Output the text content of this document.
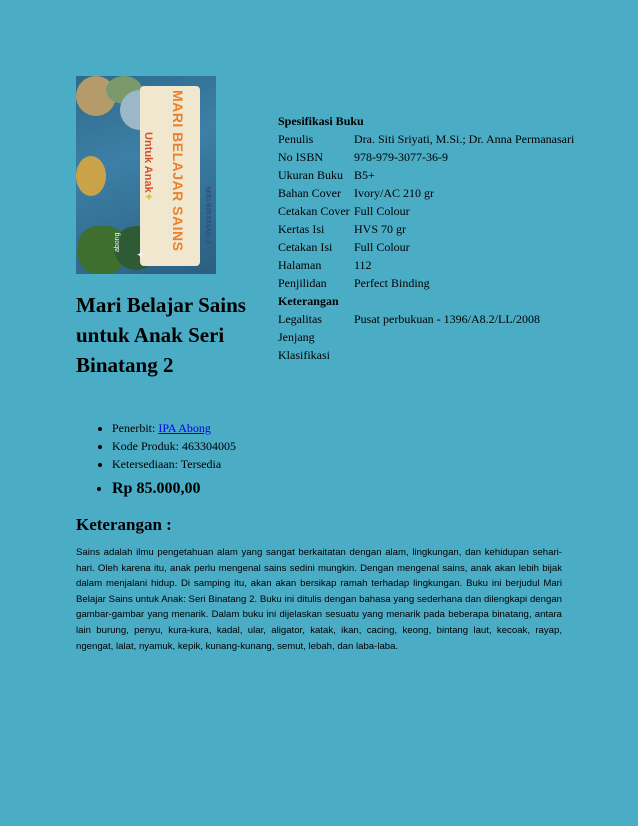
MARI BELAJAR SAINS
Untuk Anak
SERI BINATANG 2
abong
✦
✦
Mari Belajar Sains untuk Anak Seri Binatang 2
• Penerbit: IPA Abong
• Kode Produk: 463304005
• Ketersediaan: Tersedia
• Rp 85.000,00
Keterangan :

Sains adalah ilmu pengetahuan alam yang sangat berkaitatan dengan alam, lingkungan, dan kehidupan sehari-hari. Oleh karena itu, anak perlu mengenal sains sedini mungkin. Dengan mengenal sains, anak akan lebih bijak dalam menjalani hidup. Di samping itu, akan akan bersikap ramah terhadap lingkungan. Buku ini berjudul Mari Belajar Sains untuk Anak: Seri Binatang 2. Buku ini ditulis dengan bahasa yang sederhana dan dilengkapi dengan gambar-gambar yang menarik. Dalam buku ini dijelaskan sesuatu yang menarik pada beberapa binatang, antara lain burung, penyu, kura-kura, kadal, ular, aligator, katak, ikan, cacing, keong, bintang laut, kecoak, rayap, ngengat, lalat, nyamuk, kepik, kunang-kunang, semut, lebah, dan laba-laba.

Spesifikasi Buku	
Penulis	Dra. Siti Sriyati, M.Si.; Dr. Anna Permanasari
No ISBN	978-979-3077-36-9
Ukuran Buku	B5+
Bahan Cover	Ivory/AC 210 gr
Cetakan Cover	Full Colour
Kertas Isi	HVS 70 gr
Cetakan Isi	Full Colour
Halaman	112
Penjilidan	Perfect Binding
Keterangan	
Legalitas	Pusat perbukuan - 1396/A8.2/LL/2008
Jenjang	
Klasifikasi	
